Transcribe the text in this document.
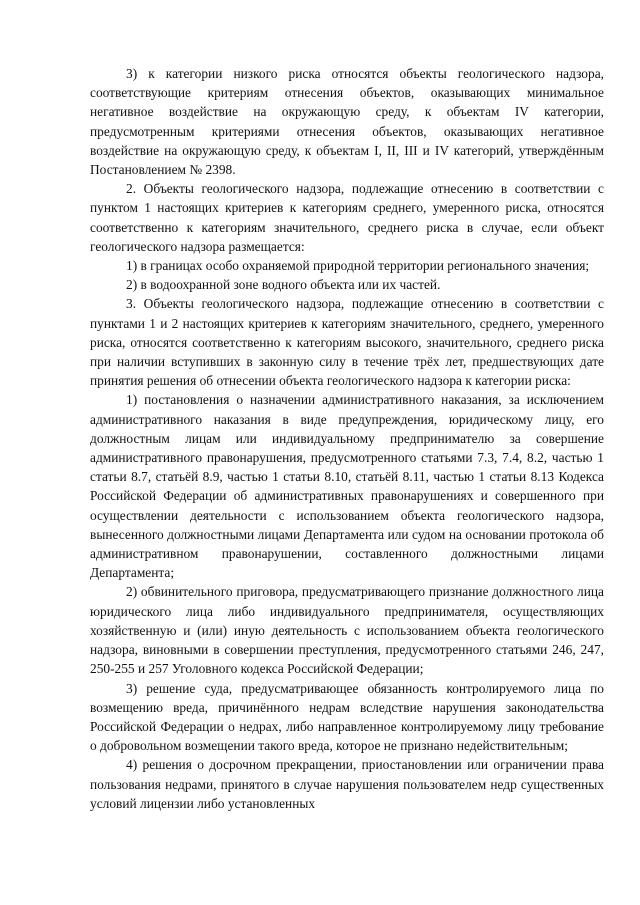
3) к категории низкого риска относятся объекты геологического надзора, соответствующие критериям отнесения объектов, оказывающих минимальное негативное воздействие на окружающую среду, к объектам IV категории, предусмотренным критериями отнесения объектов, оказывающих негативное воздействие на окружающую среду, к объектам I, II, III и IV категорий, утверждённым Постановлением № 2398.

2. Объекты геологического надзора, подлежащие отнесению в соответствии с пунктом 1 настоящих критериев к категориям среднего, умеренного риска, относятся соответственно к категориям значительного, среднего риска в случае, если объект геологического надзора размещается:

1) в границах особо охраняемой природной территории регионального значения;

2) в водоохранной зоне водного объекта или их частей.

3. Объекты геологического надзора, подлежащие отнесению в соответствии с пунктами 1 и 2 настоящих критериев к категориям значительного, среднего, умеренного риска, относятся соответственно к категориям высокого, значительного, среднего риска при наличии вступивших в законную силу в течение трёх лет, предшествующих дате принятия решения об отнесении объекта геологического надзора к категории риска:

1) постановления о назначении административного наказания, за исключением административного наказания в виде предупреждения, юридическому лицу, его должностным лицам или индивидуальному предпринимателю за совершение административного правонарушения, предусмотренного статьями 7.3, 7.4, 8.2, частью 1 статьи 8.7, статьёй 8.9, частью 1 статьи 8.10, статьёй 8.11, частью 1 статьи 8.13 Кодекса Российской Федерации об административных правонарушениях и совершенного при осуществлении деятельности с использованием объекта геологического надзора, вынесенного должностными лицами Департамента или судом на основании протокола об административном правонарушении, составленного должностными лицами Департамента;

2) обвинительного приговора, предусматривающего признание должностного лица юридического лица либо индивидуального предпринимателя, осуществляющих хозяйственную и (или) иную деятельность с использованием объекта геологического надзора, виновными в совершении преступления, предусмотренного статьями 246, 247, 250-255 и 257 Уголовного кодекса Российской Федерации;

3) решение суда, предусматривающее обязанность контролируемого лица по возмещению вреда, причинённого недрам вследствие нарушения законодательства Российской Федерации о недрах, либо направленное контролируемому лицу требование о добровольном возмещении такого вреда, которое не признано недействительным;

4) решения о досрочном прекращении, приостановлении или ограничении права пользования недрами, принятого в случае нарушения пользователем недр существенных условий лицензии либо установленных
